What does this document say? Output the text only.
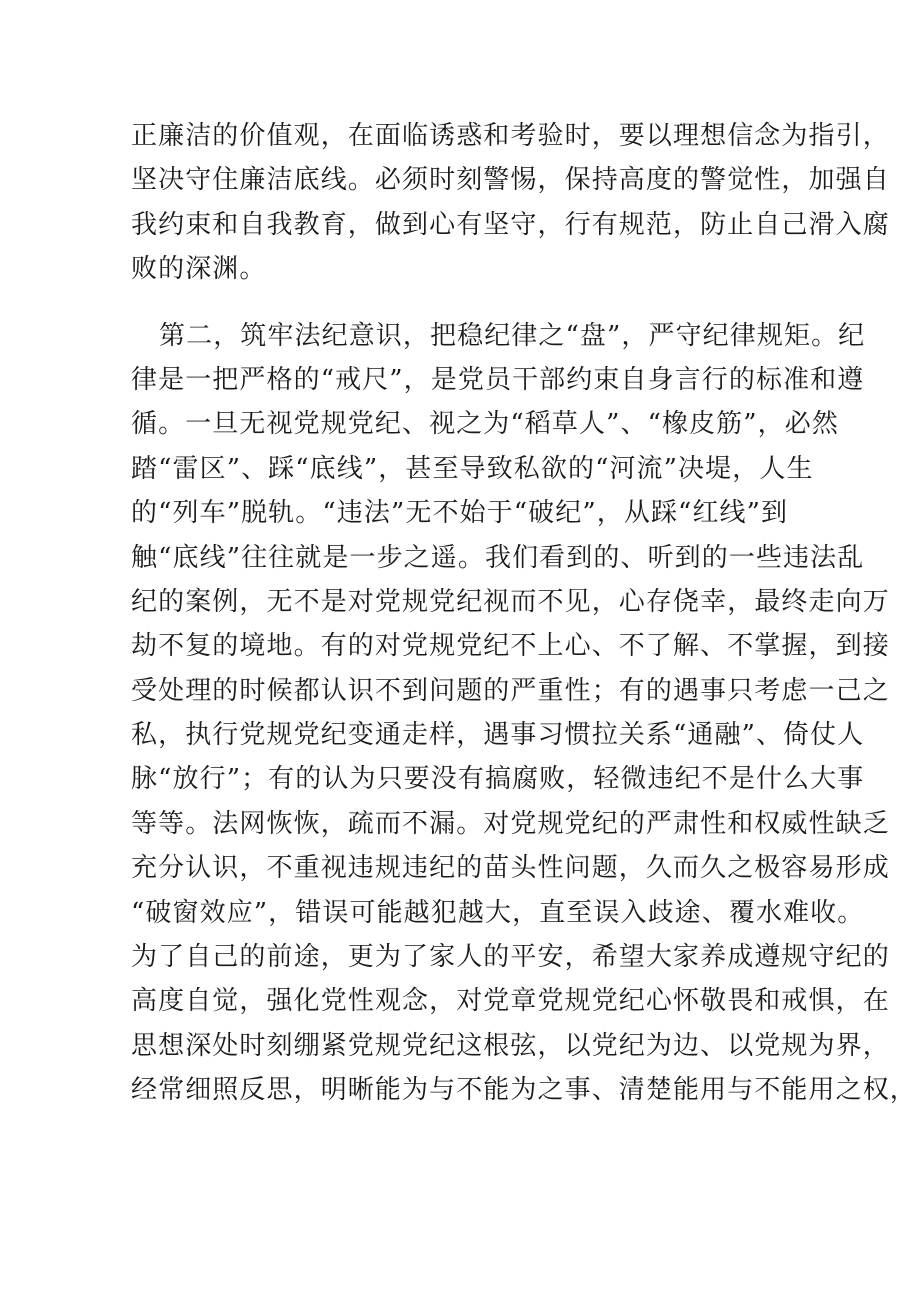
正廉洁的价值观，在面临诱惑和考验时，要以理想信念为指引，
坚决守住廉洁底线。必须时刻警惕，保持高度的警觉性，加强自
我约束和自我教育，做到心有坚守，行有规范，防止自己滑入腐
败的深渊。
第二，筑牢法纪意识，把稳纪律之“盘”，严守纪律规矩。纪
律是一把严格的“戒尺”，是党员干部约束自身言行的标准和遵
循。一旦无视党规党纪、视之为“稻草人”、“橡皮筋”，必然
踏“雷区”、踩“底线”，甚至导致私欲的“河流”决堤，人生
的“列车”脱轨。“违法”无不始于“破纪”，从踩“红线”到
触“底线”往往就是一步之遥。我们看到的、听到的一些违法乱
纪的案例，无不是对党规党纪视而不见，心存侥幸，最终走向万
劫不复的境地。有的对党规党纪不上心、不了解、不掌握，到接
受处理的时候都认识不到问题的严重性；有的遇事只考虑一己之
私，执行党规党纪变通走样，遇事习惯拉关系“通融”、倚仗人
脉“放行”；有的认为只要没有搞腐败，轻微违纪不是什么大事
等等。法网恢恢，疏而不漏。对党规党纪的严肃性和权威性缺乏
充分认识，不重视违规违纪的苗头性问题，久而久之极容易形成
“破窗效应”，错误可能越犯越大，直至误入歧途、覆水难收。
为了自己的前途，更为了家人的平安，希望大家养成遵规守纪的
高度自觉，强化党性观念，对党章党规党纪心怀敬畏和戒惧，在
思想深处时刻绷紧党规党纪这根弦，以党纪为边、以党规为界，
经常细照反思，明晰能为与不能为之事、清楚能用与不能用之权，
